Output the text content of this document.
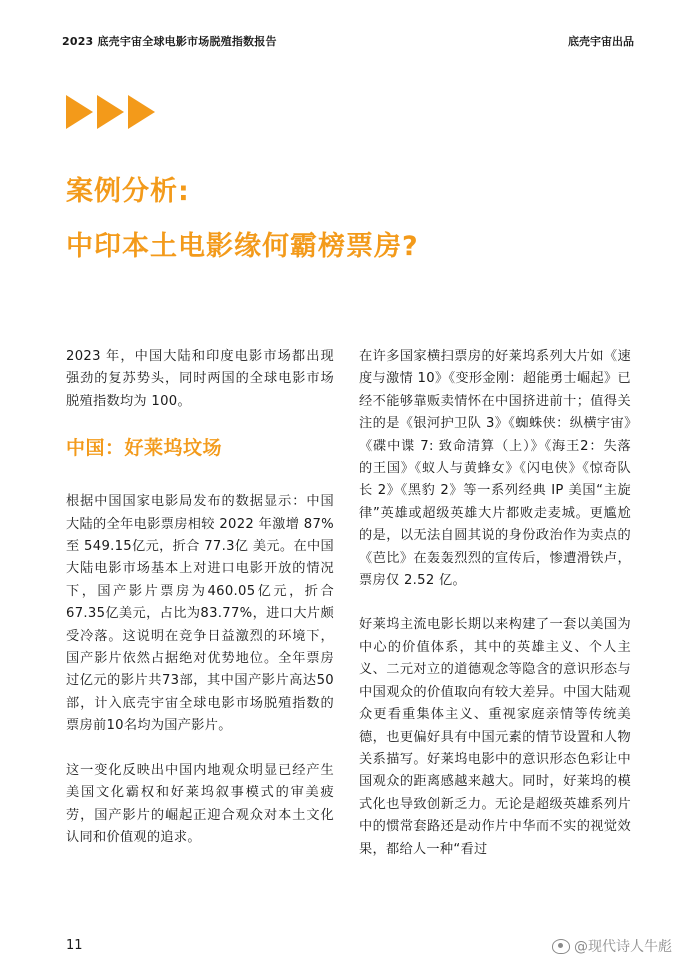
2023 底壳宇宙全球电影市场脱殖指数报告	底壳宇宙出品
案例分析:
中印本土电影缘何霸榜票房?

2023 年，中国大陆和印度电影市场都出现强劲的复苏势头，同时两国的全球电影市场脱殖指数均为 100。

中国：好莱坞坟场

根据中国国家电影局发布的数据显示：中国大陆的全年电影票房相较 2022 年激增 87% 至 549.15亿元，折合 77.3亿 美元。在中国大陆电影市场基本上对进口电影开放的情况下，国产影片票房为460.05亿元，折合 67.35亿美元，占比为83.77%，进口大片颇受冷落。这说明在竞争日益激烈的环境下，国产影片依然占据绝对优势地位。全年票房过亿元的影片共73部，其中国产影片高达50部，计入底壳宇宙全球电影市场脱殖指数的票房前10名均为国产影片。

这一变化反映出中国内地观众明显已经产生美国文化霸权和好莱坞叙事模式的审美疲劳，国产影片的崛起正迎合观众对本土文化认同和价值观的追求。

在许多国家横扫票房的好莱坞系列大片如《速度与激情 10》《变形金刚：超能勇士崛起》已经不能够靠贩卖情怀在中国挤进前十；值得关注的是《银河护卫队 3》《蜘蛛侠：纵横宇宙》《碟中谍 7: 致命清算（上）》《海王2：失落的王国》《蚁人与黄蜂女》《闪电侠》《惊奇队长 2》《黑豹 2》等一系列经典 IP 美国“主旋律”英雄或超级英雄大片都败走麦城。更尴尬的是，以无法自圆其说的身份政治作为卖点的《芭比》在轰轰烈烈的宣传后，惨遭滑铁卢，票房仅 2.52 亿。

好莱坞主流电影长期以来构建了一套以美国为中心的价值体系，其中的英雄主义、个人主义、二元对立的道德观念等隐含的意识形态与中国观众的价值取向有较大差异。中国大陆观众更看重集体主义、重视家庭亲情等传统美德，也更偏好具有中国元素的情节设置和人物关系描写。好莱坞电影中的意识形态色彩让中国观众的距离感越来越大。同时，好莱坞的模式化也导致创新乏力。无论是超级英雄系列片中的惯常套路还是动作片中华而不实的视觉效果，都给人一种“看过

11	@现代诗人牛彪
